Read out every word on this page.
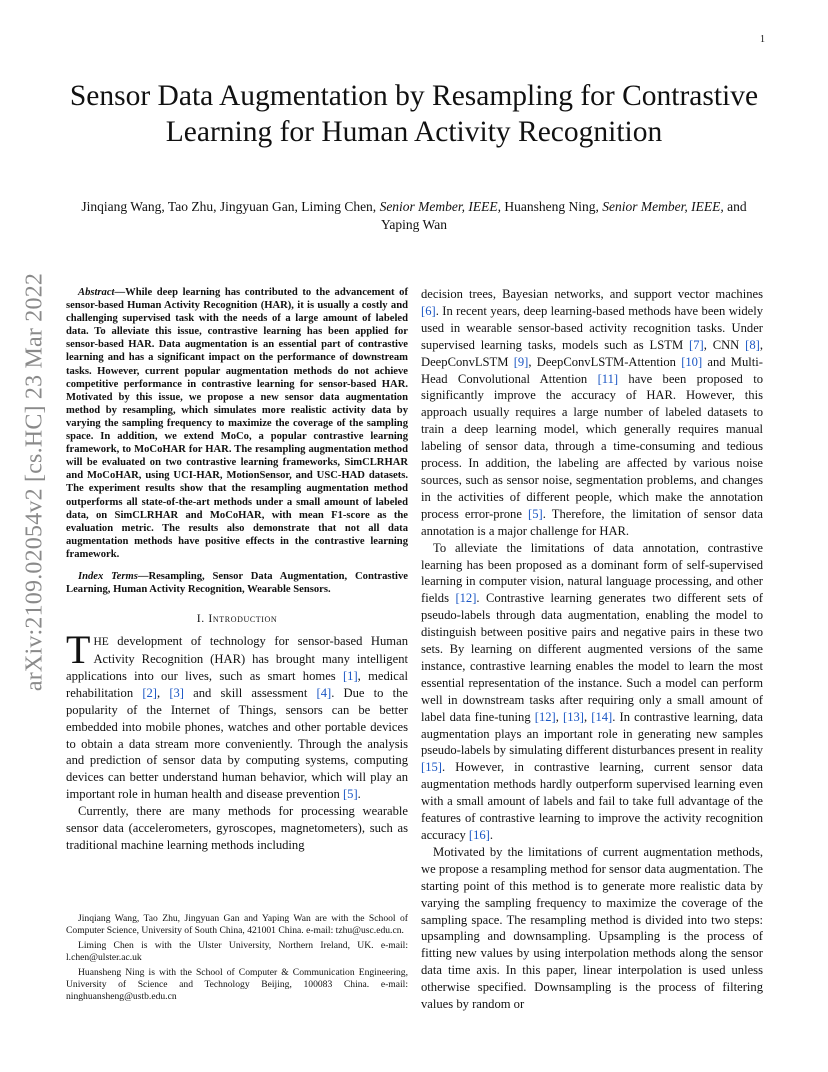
1
arXiv:2109.02054v2 [cs.HC] 23 Mar 2022
Sensor Data Augmentation by Resampling for Contrastive Learning for Human Activity Recognition
Jinqiang Wang, Tao Zhu, Jingyuan Gan, Liming Chen, Senior Member, IEEE, Huansheng Ning, Senior Member, IEEE, and Yaping Wan

Abstract—While deep learning has contributed to the advancement of sensor-based Human Activity Recognition (HAR), it is usually a costly and challenging supervised task with the needs of a large amount of labeled data. To alleviate this issue, contrastive learning has been applied for sensor-based HAR. Data augmentation is an essential part of contrastive learning and has a significant impact on the performance of downstream tasks. However, current popular augmentation methods do not achieve competitive performance in contrastive learning for sensor-based HAR. Motivated by this issue, we propose a new sensor data augmentation method by resampling, which simulates more realistic activity data by varying the sampling frequency to maximize the coverage of the sampling space. In addition, we extend MoCo, a popular contrastive learning framework, to MoCoHAR for HAR. The resampling augmentation method will be evaluated on two contrastive learning frameworks, SimCLRHAR and MoCoHAR, using UCI-HAR, MotionSensor, and USC-HAD datasets. The experiment results show that the resampling augmentation method outperforms all state-of-the-art methods under a small amount of labeled data, on SimCLRHAR and MoCoHAR, with mean F1-score as the evaluation metric. The results also demonstrate that not all data augmentation methods have positive effects in the contrastive learning framework.

Index Terms—Resampling, Sensor Data Augmentation, Contrastive Learning, Human Activity Recognition, Wearable Sensors.

I. Introduction

THE development of technology for sensor-based Human Activity Recognition (HAR) has brought many intelligent applications into our lives, such as smart homes [1], medical rehabilitation [2], [3] and skill assessment [4]. Due to the popularity of the Internet of Things, sensors can be better embedded into mobile phones, watches and other portable devices to obtain a data stream more conveniently. Through the analysis and prediction of sensor data by computing systems, computing devices can better understand human behavior, which will play an important role in human health and disease prevention [5].

Currently, there are many methods for processing wearable sensor data (accelerometers, gyroscopes, magnetometers), such as traditional machine learning methods including

Jinqiang Wang, Tao Zhu, Jingyuan Gan and Yaping Wan are with the School of Computer Science, University of South China, 421001 China. e-mail: tzhu@usc.edu.cn.

Liming Chen is with the Ulster University, Northern Ireland, UK. e-mail: l.chen@ulster.ac.uk

Huansheng Ning is with the School of Computer & Communication Engineering, University of Science and Technology Beijing, 100083 China. e-mail: ninghuansheng@ustb.edu.cn

decision trees, Bayesian networks, and support vector machines [6]. In recent years, deep learning-based methods have been widely used in wearable sensor-based activity recognition tasks. Under supervised learning tasks, models such as LSTM [7], CNN [8], DeepConvLSTM [9], DeepConvLSTM-Attention [10] and Multi-Head Convolutional Attention [11] have been proposed to significantly improve the accuracy of HAR. However, this approach usually requires a large number of labeled datasets to train a deep learning model, which generally requires manual labeling of sensor data, through a time-consuming and tedious process. In addition, the labeling are affected by various noise sources, such as sensor noise, segmentation problems, and changes in the activities of different people, which make the annotation process error-prone [5]. Therefore, the limitation of sensor data annotation is a major challenge for HAR.

To alleviate the limitations of data annotation, contrastive learning has been proposed as a dominant form of self-supervised learning in computer vision, natural language processing, and other fields [12]. Contrastive learning generates two different sets of pseudo-labels through data augmentation, enabling the model to distinguish between positive pairs and negative pairs in these two sets. By learning on different augmented versions of the same instance, contrastive learning enables the model to learn the most essential representation of the instance. Such a model can perform well in downstream tasks after requiring only a small amount of label data fine-tuning [12], [13], [14]. In contrastive learning, data augmentation plays an important role in generating new samples pseudo-labels by simulating different disturbances present in reality [15]. However, in contrastive learning, current sensor data augmentation methods hardly outperform supervised learning even with a small amount of labels and fail to take full advantage of the features of contrastive learning to improve the activity recognition accuracy [16].

Motivated by the limitations of current augmentation methods, we propose a resampling method for sensor data augmentation. The starting point of this method is to generate more realistic data by varying the sampling frequency to maximize the coverage of the sampling space. The resampling method is divided into two steps: upsampling and downsampling. Upsampling is the process of fitting new values by using interpolation methods along the sensor data time axis. In this paper, linear interpolation is used unless otherwise specified. Downsampling is the process of filtering values by random or
